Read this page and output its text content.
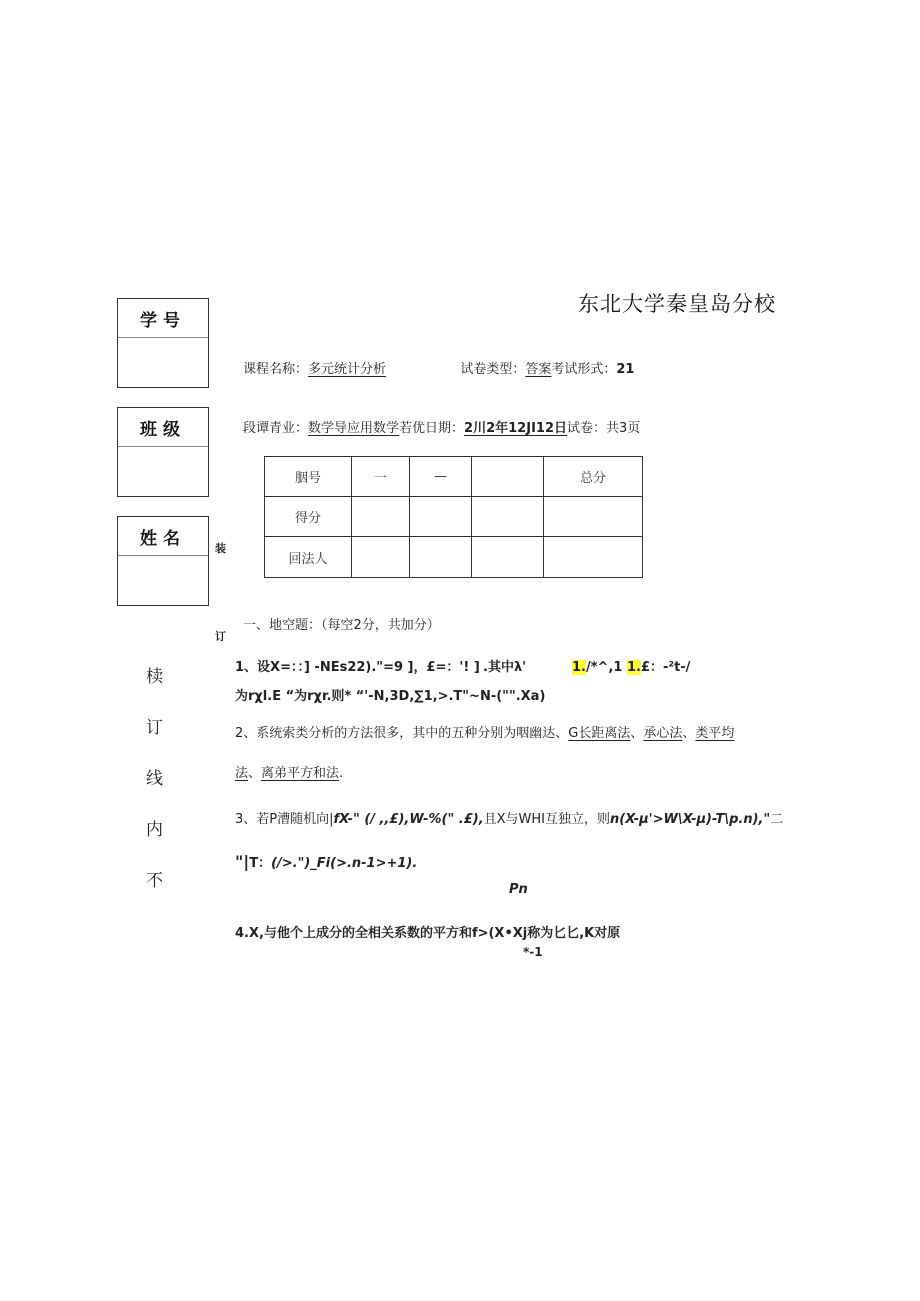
东北大学秦皇岛分校
课程名称：多元统计分析	试卷类型：答案考试形式：21
段谭青业：数学导应用数学若优日期：2川2年12JI12日试卷：共3页
学号
班级
姓名	装
订
椟
订
线
内
不
胭号	一	—		总分
得分				
回法人				
一、地空题：（每空2分，共加分）
1、设X=：：] -NEs22)."=9 ]，£=：'! ] .其中λ'	1./*^,1 1.£：-²t-/
为rχl.E “为rχr.则* “'-N,3D,∑1,>.T"~N-("".Xa)
2、系统索类分析的方法很多，其中的五种分别为咽幽达、G长距离法、承心法、类平均
法、离弟平方和法.
3、若P漕随机向|fX-" (/ ,,£),W-%(" .£),且X与WHI互独立，则n(X-μ'>W\X-μ)-T\p.n),"二
"|T：(/>.")_Fi(>.n-1>+1).
Pn
4.X,与他个上成分的全相关系数的平方和f>(X•Xj称为匕匕,K对原
*-1
